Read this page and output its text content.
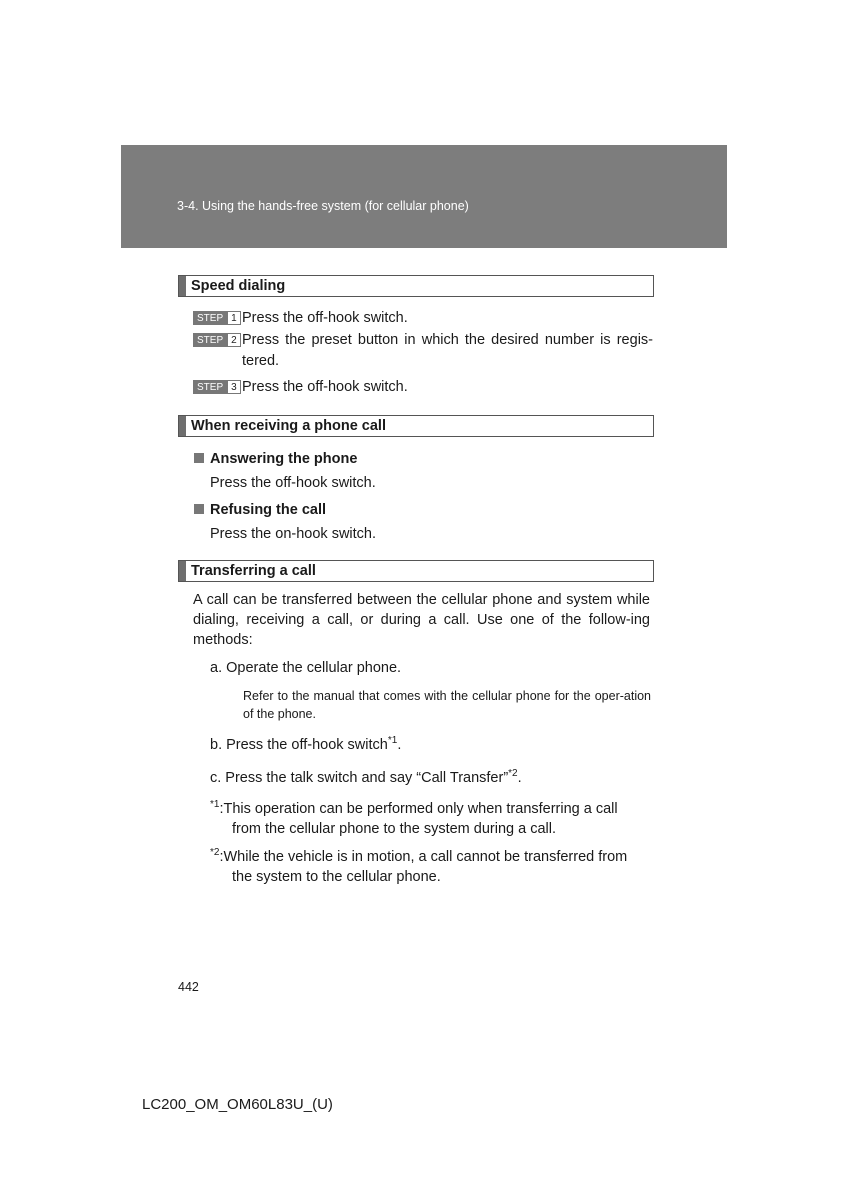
3-4. Using the hands-free system (for cellular phone)
Speed dialing
STEP 1 Press the off-hook switch.
STEP 2 Press the preset button in which the desired number is regis-tered.
STEP 3 Press the off-hook switch.
When receiving a phone call
Answering the phone
Press the off-hook switch.
Refusing the call
Press the on-hook switch.
Transferring a call
A call can be transferred between the cellular phone and system while dialing, receiving a call, or during a call. Use one of the follow-ing methods:
a. Operate the cellular phone.
Refer to the manual that comes with the cellular phone for the oper-ation of the phone.
b. Press the off-hook switch$^{*1}$.
c. Press the talk switch and say “Call Transfer”$^{*2}$.
$^{*1}$:This operation can be performed only when transferring a call
from the cellular phone to the system during a call.
$^{*2}$:While the vehicle is in motion, a call cannot be transferred from
the system to the cellular phone.
442
LC200_OM_OM60L83U_(U)
